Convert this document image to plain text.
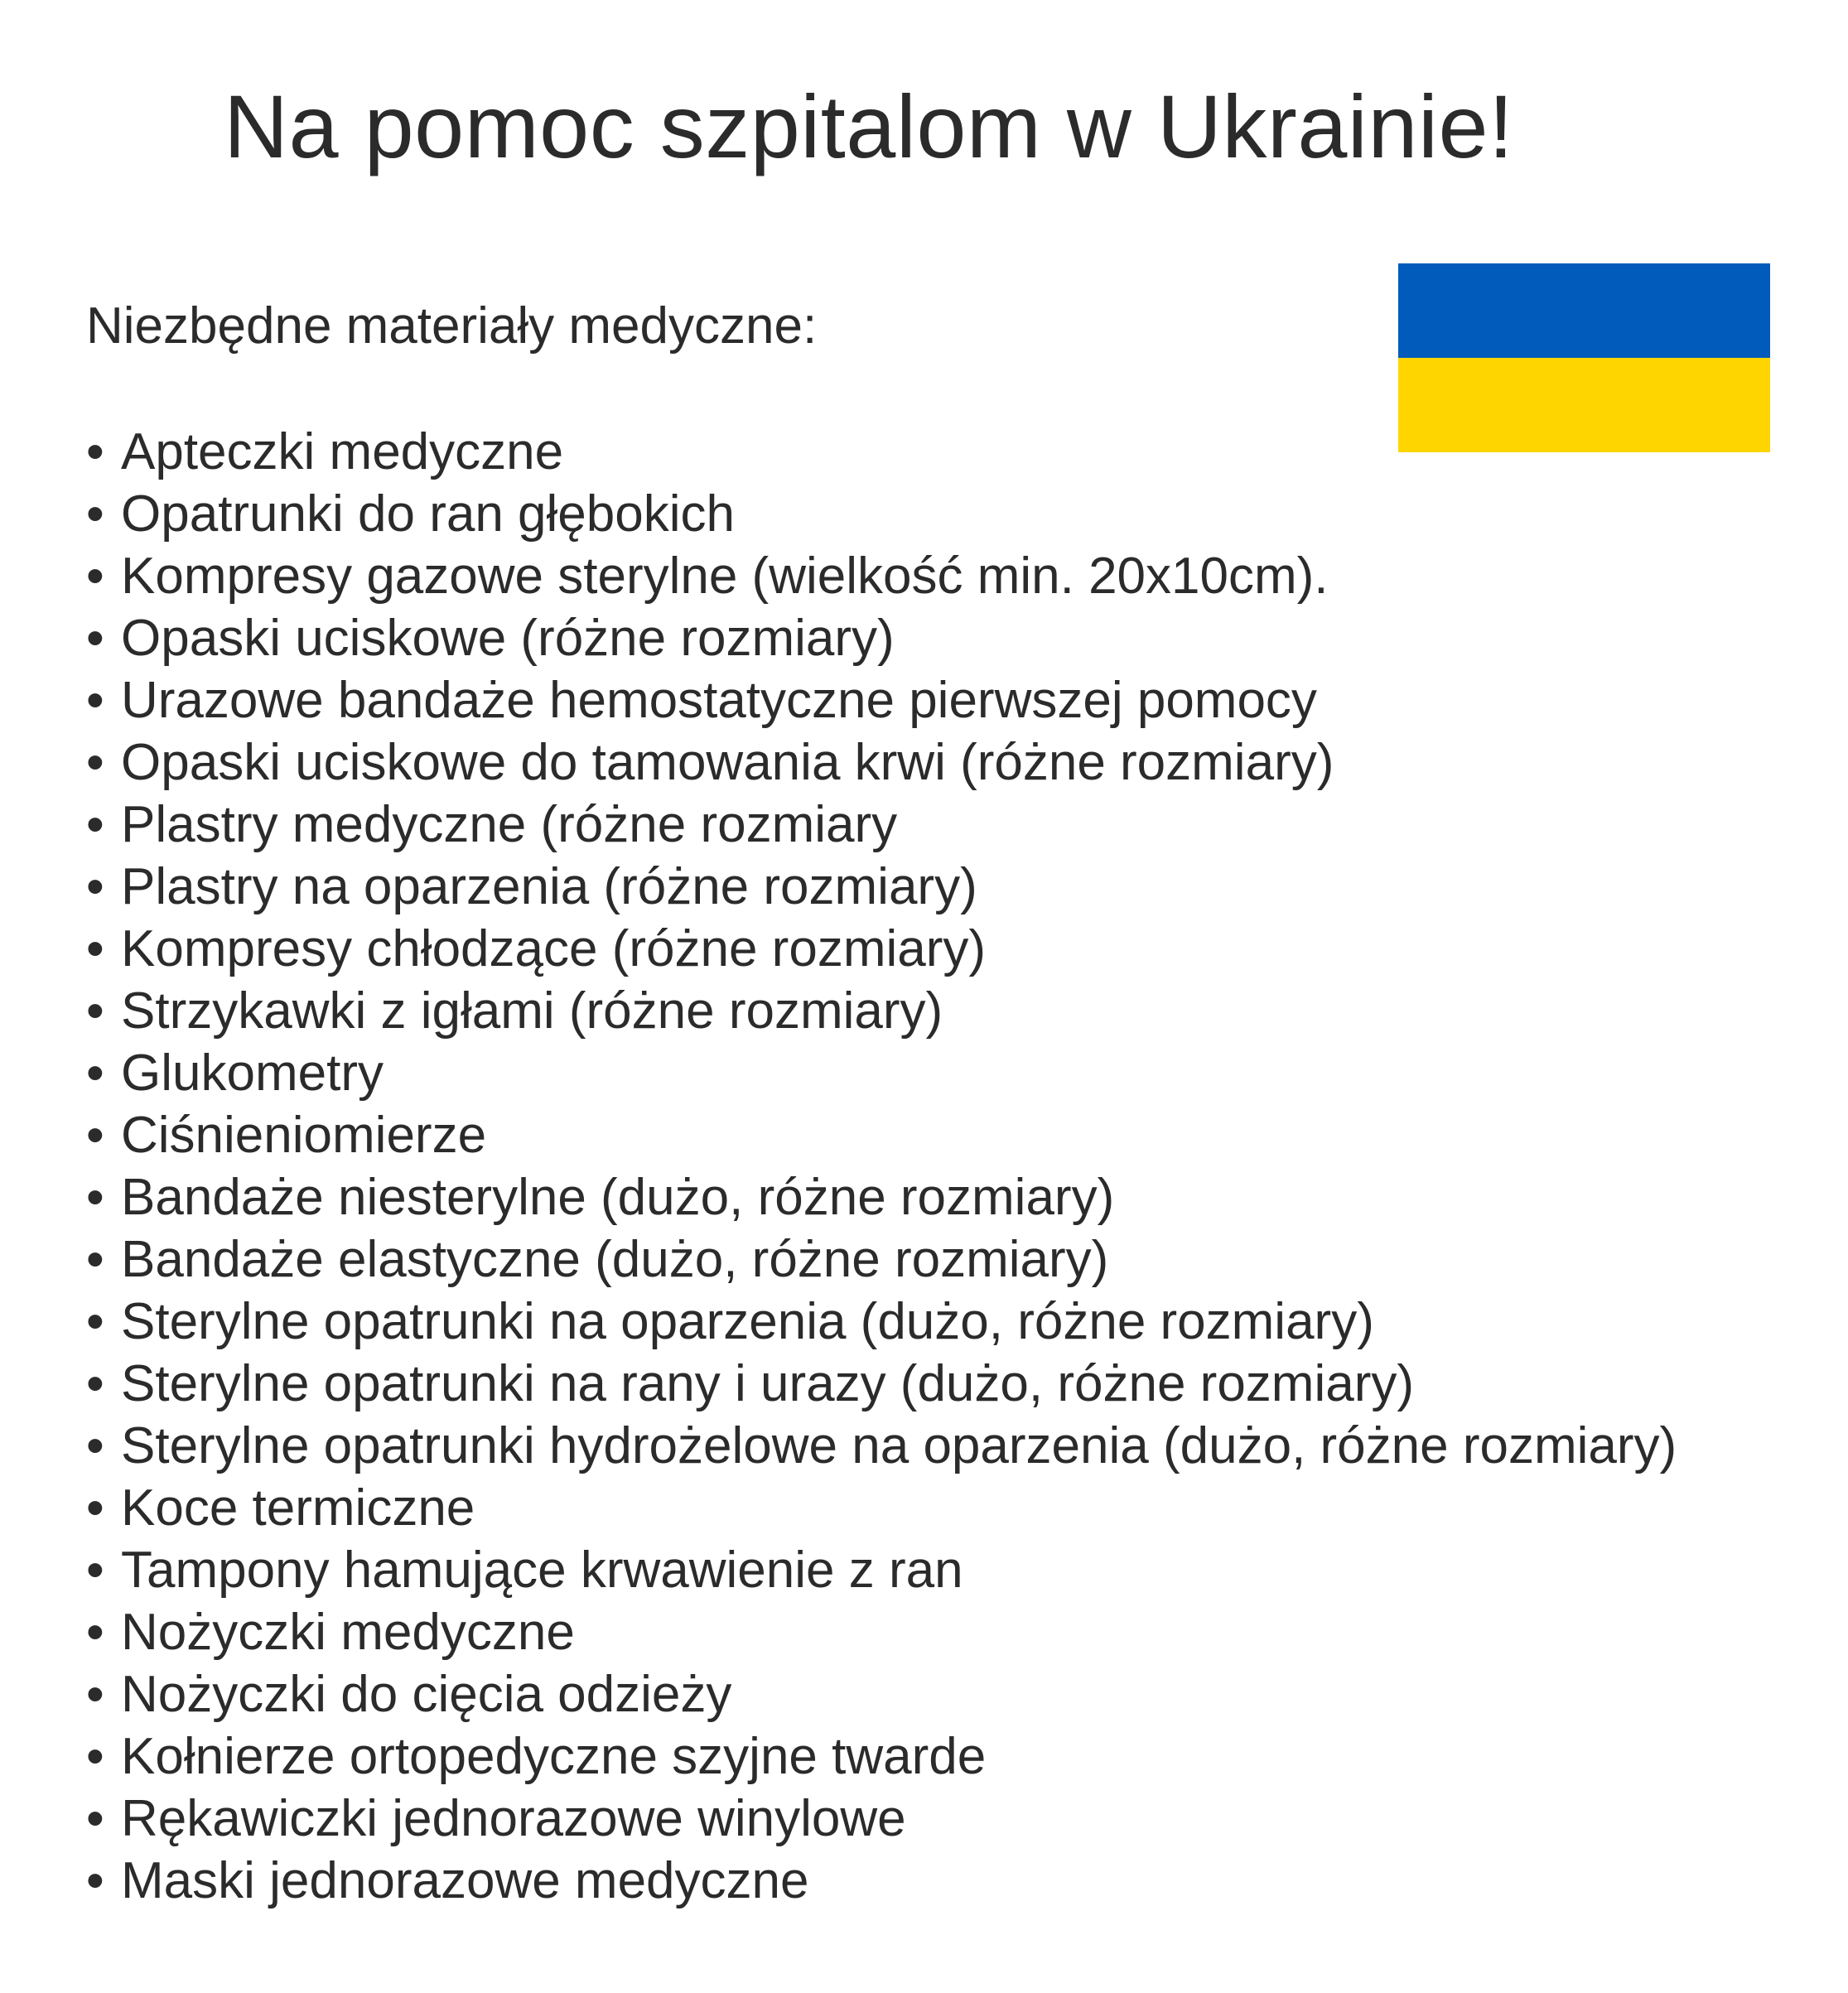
Na pomoc szpitalom w Ukrainie!

Niezbędne materiały medyczne:

• Apteczki medyczne
• Opatrunki do ran głębokich
• Kompresy gazowe sterylne (wielkość min. 20x10cm).
• Opaski uciskowe (różne rozmiary)
• Urazowe bandaże hemostatyczne pierwszej pomocy
• Opaski uciskowe do tamowania krwi (różne rozmiary)
• Plastry medyczne (różne rozmiary
• Plastry na oparzenia (różne rozmiary)
• Kompresy chłodzące (różne rozmiary)
• Strzykawki z igłami (różne rozmiary)
• Glukometry
• Ciśnieniomierze
• Bandaże niesterylne (dużo, różne rozmiary)
• Bandaże elastyczne (dużo, różne rozmiary)
• Sterylne opatrunki na oparzenia (dużo, różne rozmiary)
• Sterylne opatrunki na rany i urazy (dużo, różne rozmiary)
• Sterylne opatrunki hydrożelowe na oparzenia (dużo, różne rozmiary)
• Koce termiczne
• Tampony hamujące krwawienie z ran
• Nożyczki medyczne
• Nożyczki do cięcia odzieży
• Kołnierze ortopedyczne szyjne twarde
• Rękawiczki jednorazowe winylowe
• Maski jednorazowe medyczne
